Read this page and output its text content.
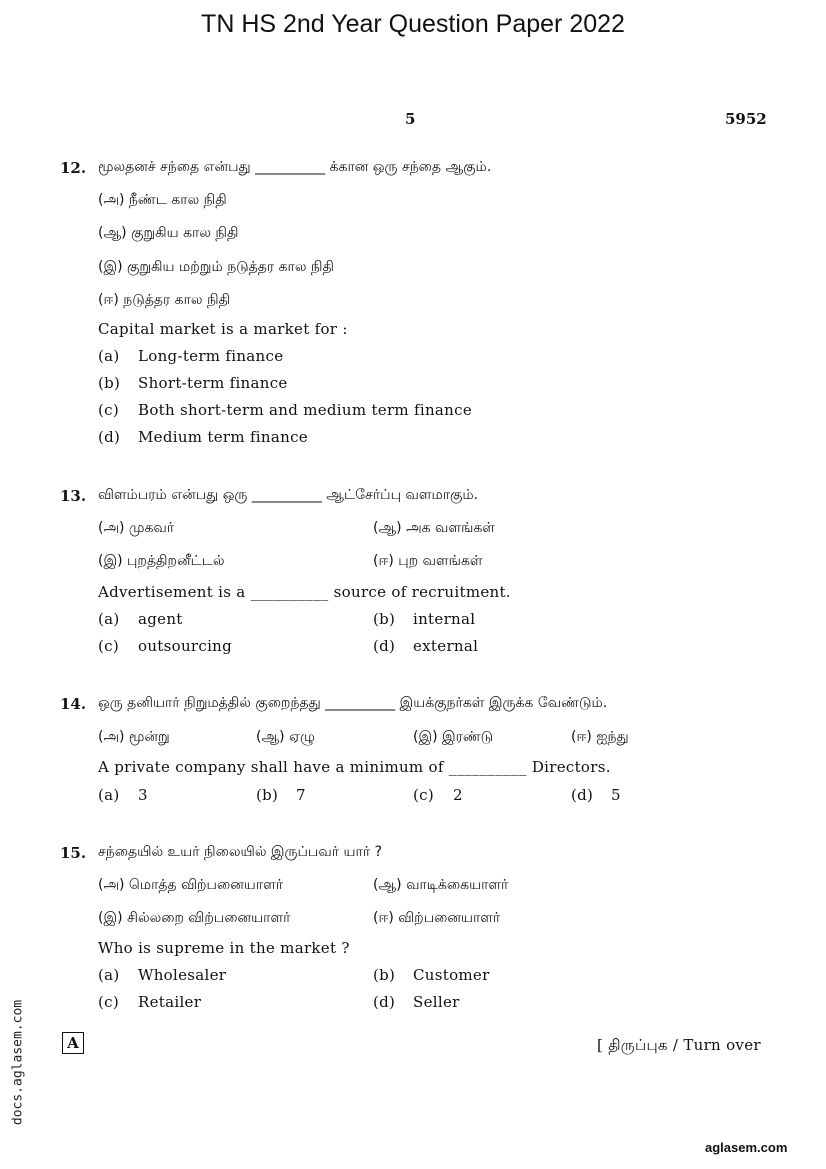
TN HS 2nd Year Question Paper 2022
5	5952
12. மூலதனச் சந்தை என்பது __________ க்கான ஒரு சந்தை ஆகும்.
(அ) நீண்ட கால நிதி
(ஆ) குறுகிய கால நிதி
(இ) குறுகிய மற்றும் நடுத்தர கால நிதி
(ஈ) நடுத்தர கால நிதி
Capital market is a market for :
(a) Long-term finance
(b) Short-term finance
(c) Both short-term and medium term finance
(d) Medium term finance
13. விளம்பரம் என்பது ஒரு __________ ஆட்சேர்ப்பு வளமாகும்.
(அ) முகவர்	(ஆ) அக வளங்கள்
(இ) புறத்திறனீட்டல்	(ஈ) புற வளங்கள்
Advertisement is a __________ source of recruitment.
(a) agent	(b) internal
(c) outsourcing	(d) external
14. ஒரு தனியார் நிறுமத்தில் குறைந்தது __________ இயக்குநர்கள் இருக்க வேண்டும்.
(அ) மூன்று	(ஆ) ஏழு	(இ) இரண்டு	(ஈ) ஐந்து
A private company shall have a minimum of __________ Directors.
(a) 3	(b) 7	(c) 2	(d) 5
15. சந்தையில் உயர் நிலையில் இருப்பவர் யார் ?
(அ) மொத்த விற்பனையாளர்	(ஆ) வாடிக்கையாளர்
(இ) சில்லறை விற்பனையாளர்	(ஈ) விற்பனையாளர்
Who is supreme in the market ?
(a) Wholesaler	(b) Customer
(c) Retailer	(d) Seller
A	[ திருப்புக / Turn over
docs.aglasem.com
aglasem.com
